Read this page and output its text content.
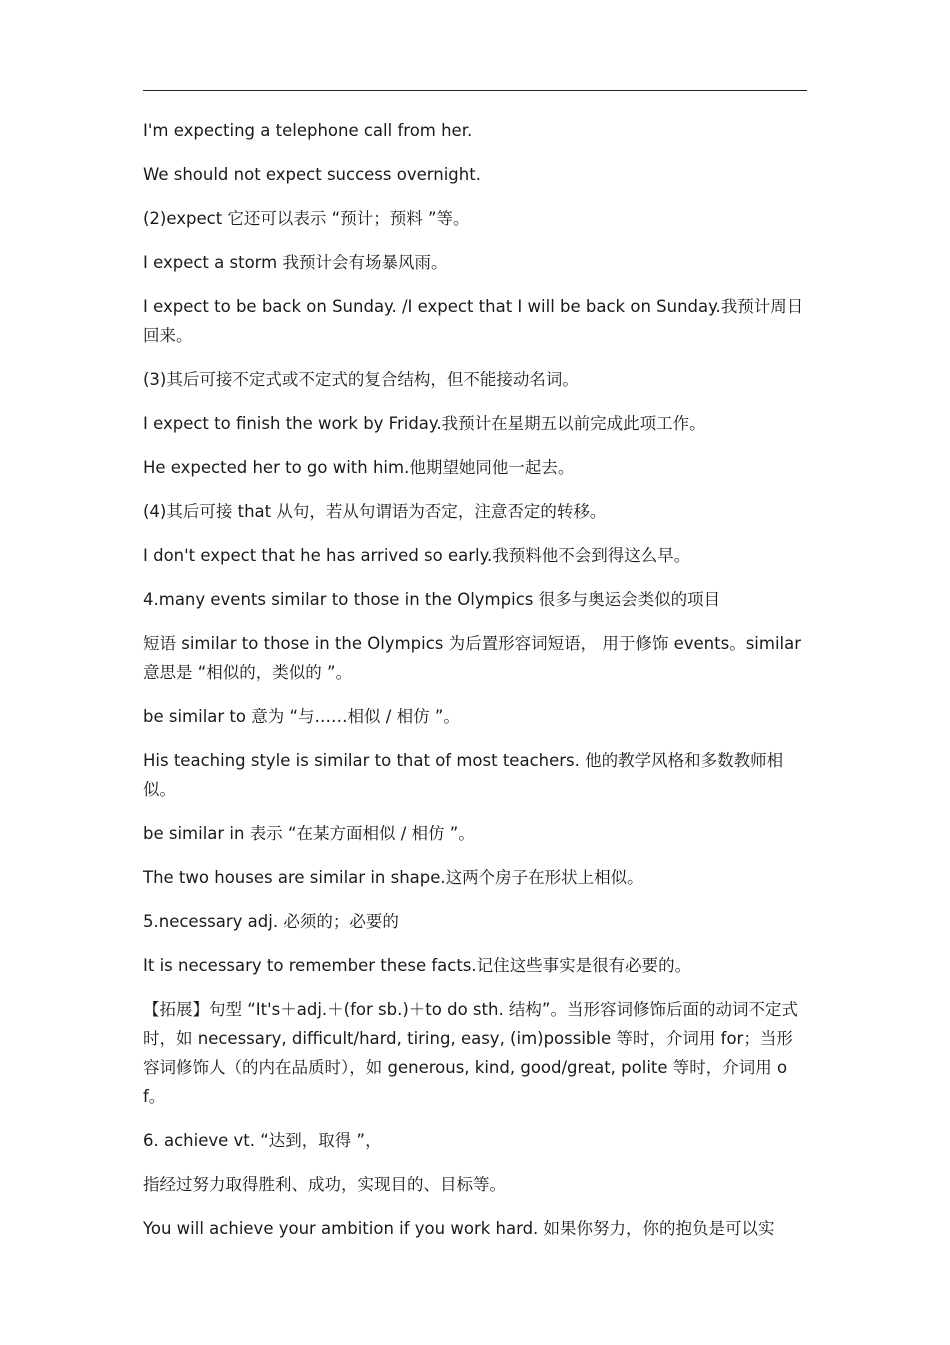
I'm expecting a telephone call from her.

We should not expect success overnight.

(2)expect 它还可以表示 “预计；预料 ”等。

I expect a storm 我预计会有场暴风雨。

I expect to be back on Sunday. /I expect that I will be back on Sunday.我预计周日回来。

(3)其后可接不定式或不定式的复合结构，但不能接动名词。

I expect to finish the work by Friday.我预计在星期五以前完成此项工作。

He expected her to go with him.他期望她同他一起去。

(4)其后可接 that 从句，若从句谓语为否定，注意否定的转移。

I don't expect that he has arrived so early.我预料他不会到得这么早。

4.many events similar to those in the Olympics 很多与奥运会类似的项目

短语 similar to those in the Olympics 为后置形容词短语， 用于修饰 events。similar 意思是 “相似的，类似的 ”。

be similar to 意为 “与……相似 / 相仿 ”。

His teaching style is similar to that of most teachers. 他的教学风格和多数教师相似。

be similar in 表示 “在某方面相似 / 相仿 ”。

The two houses are similar in shape.这两个房子在形状上相似。

5.necessary adj. 必须的；必要的

It is necessary to remember these facts.记住这些事实是很有必要的。

【拓展】句型 “It's＋adj.＋(for sb.)＋to do sth. 结构”。当形容词修饰后面的动词不定式时，如 necessary, difficult/hard, tiring, easy, (im)possible 等时，介词用 for；当形容词修饰人（的内在品质时），如 generous, kind, good/great, polite 等时，介词用 of。

6. achieve vt. “达到，取得 ”，

指经过努力取得胜利、成功，实现目的、目标等。

You will achieve your ambition if you work hard. 如果你努力，你的抱负是可以实
